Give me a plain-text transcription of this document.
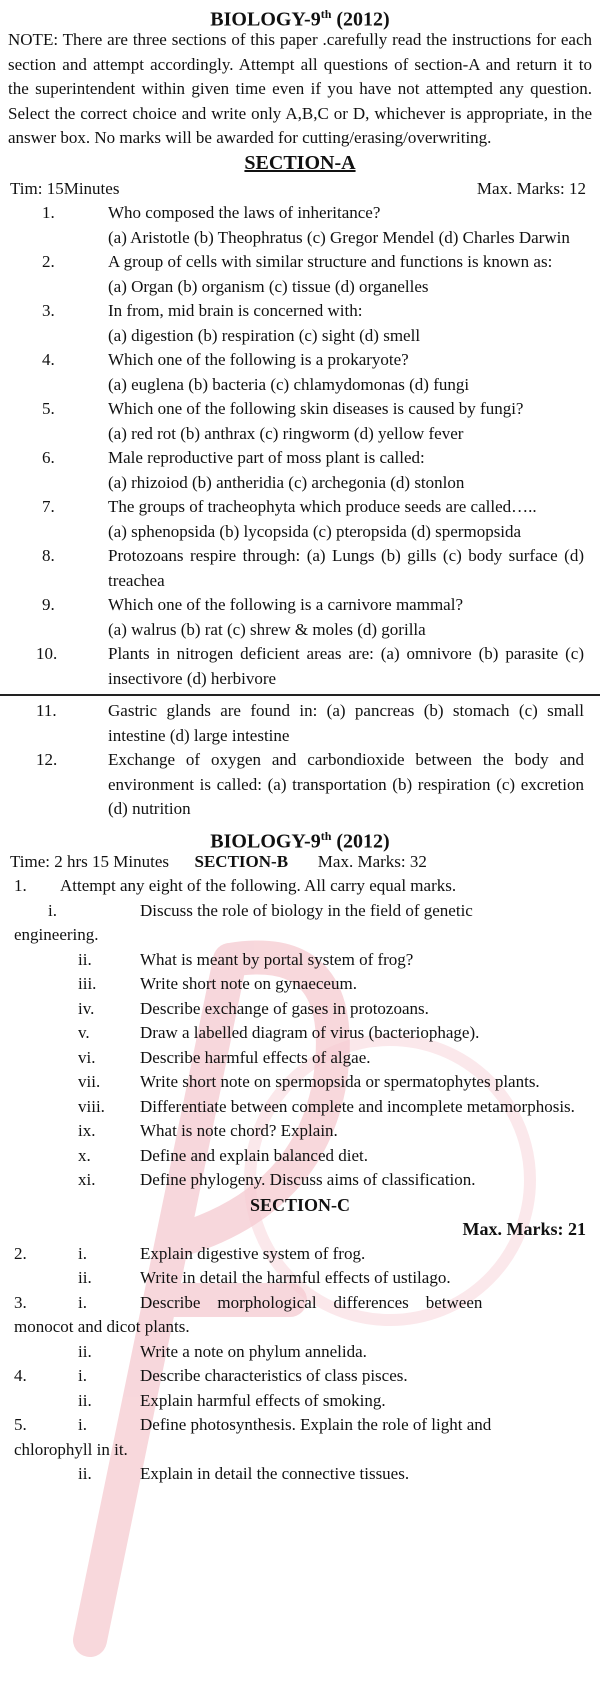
BIOLOGY-9th (2012)
NOTE: There are three sections of this paper .carefully read the instructions for each section and attempt accordingly. Attempt all questions of section-A and return it to the superintendent within given time even if you have not attempted any question. Select the correct choice and write only A,B,C or D, whichever is appropriate, in the answer box. No marks will be awarded for cutting/erasing/overwriting.
SECTION-A
Tim: 15Minutes	Max. Marks: 12
1.	Who composed the laws of inheritance?
(a) Aristotle (b) Theophratus (c) Gregor Mendel (d) Charles Darwin
2.	A group of cells with similar structure and functions is known as:
(a) Organ (b) organism (c) tissue (d) organelles
3.	In from, mid brain is concerned with:
(a) digestion (b) respiration (c) sight (d) smell
4.	Which one of the following is a prokaryote?
(a) euglena (b) bacteria (c) chlamydomonas (d) fungi
5.	Which one of the following skin diseases is caused by fungi?
(a) red rot (b) anthrax (c) ringworm (d) yellow fever
6.	Male reproductive part of moss plant is called:
(a) rhizoiod (b) antheridia (c) archegonia (d) stonlon
7.	The groups of tracheophyta which produce seeds are called…..
(a) sphenopsida (b) lycopsida (c) pteropsida (d) spermopsida
8.	Protozoans respire through: (a) Lungs (b) gills (c) body surface (d) treachea
9.	Which one of the following is a carnivore mammal?
(a) walrus (b) rat (c) shrew & moles (d) gorilla
10.	Plants in nitrogen deficient areas are: (a) omnivore (b) parasite (c) insectivore (d) herbivore
11.	Gastric glands are found in: (a) pancreas (b) stomach (c) small intestine (d) large intestine
12.	Exchange of oxygen and carbondioxide between the body and environment is called: (a) transportation (b) respiration (c) excretion (d) nutrition
BIOLOGY-9th (2012)
Time: 2 hrs 15 Minutes
SECTION-B
Max. Marks: 32
1.	Attempt any eight of the following. All carry equal marks.
i.	Discuss the role of biology in the field of genetic
engineering.
ii.	What is meant by portal system of frog?
iii.	Write short note on gynaeceum.
iv.	Describe exchange of gases in protozoans.
v.	Draw a labelled diagram of virus (bacteriophage).
vi.	Describe harmful effects of algae.
vii.	Write short note on spermopsida or spermatophytes plants.
viii.	Differentiate between complete and incomplete metamorphosis.
ix.	What is note chord? Explain.
x.	Define and explain balanced diet.
xi.	Define phylogeny. Discuss aims of classification.
SECTION-C
Max. Marks: 21
2.	i.	Explain digestive system of frog.
ii.	Write in detail the harmful effects of ustilago.
3.	i.	Describe    morphological    differences    between
monocot and dicot plants.
ii.	Write a note on phylum annelida.
4.	i.	Describe characteristics of class pisces.
ii.	Explain harmful effects of smoking.
5.	i.	Define photosynthesis. Explain the role of light and
chlorophyll in it.
ii.	Explain in detail the connective tissues.
